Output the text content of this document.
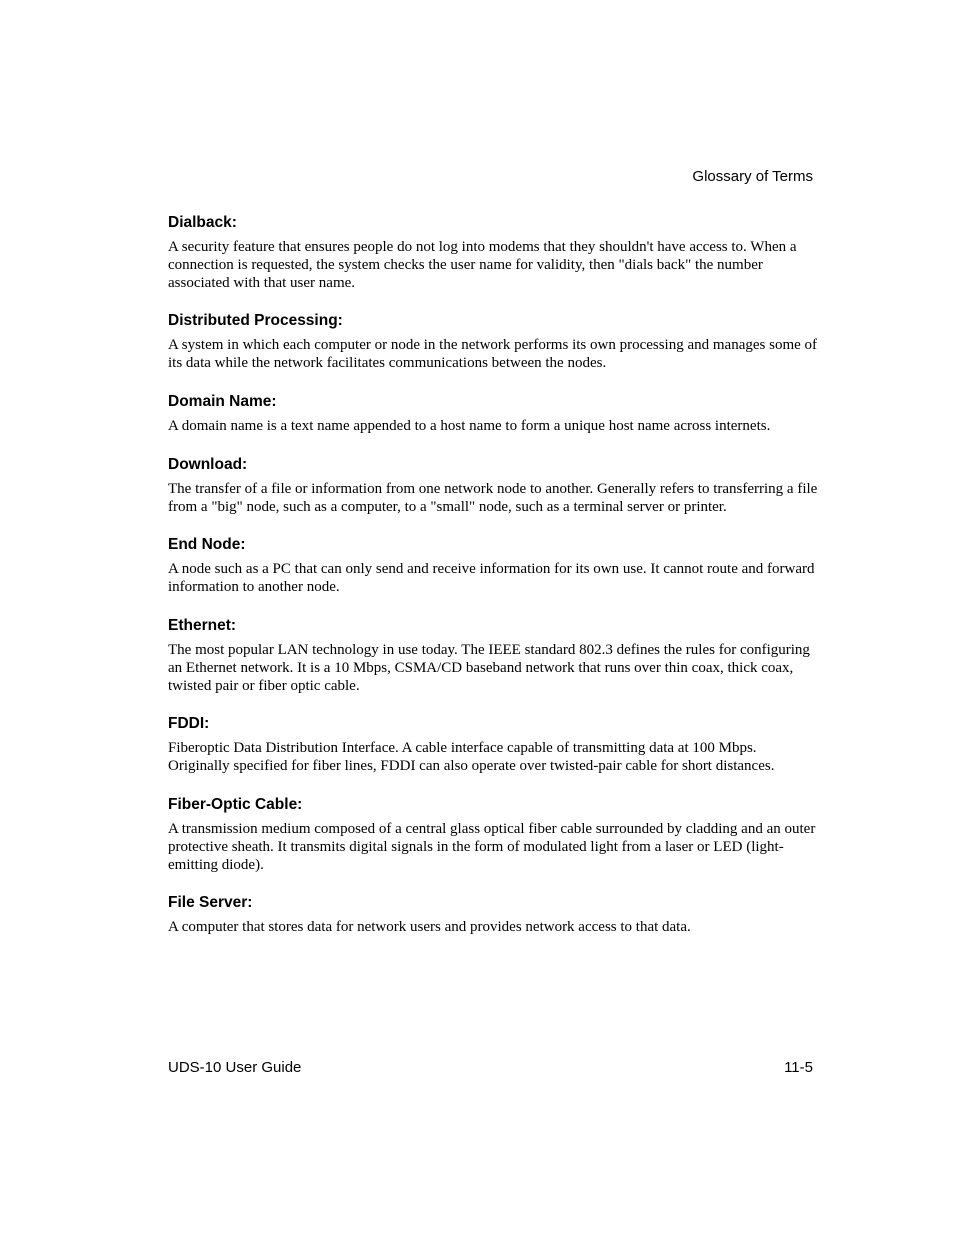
Glossary of Terms
Dialback:
A security feature that ensures people do not log into modems that they shouldn't have access to. When a connection is requested, the system checks the user name for validity, then "dials back" the number associated with that user name.
Distributed Processing:
A system in which each computer or node in the network performs its own processing and manages some of its data while the network facilitates communications between the nodes.
Domain Name:
A domain name is a text name appended to a host name to form a unique host name across internets.
Download:
The transfer of a file or information from one network node to another. Generally refers to transferring a file from a "big" node, such as a computer, to a "small" node, such as a terminal server or printer.
End Node:
A node such as a PC that can only send and receive information for its own use. It cannot route and forward information to another node.
Ethernet:
The most popular LAN technology in use today. The IEEE standard 802.3 defines the rules for configuring an Ethernet network. It is a 10 Mbps, CSMA/CD baseband network that runs over thin coax, thick coax, twisted pair or fiber optic cable.
FDDI:
Fiberoptic Data Distribution Interface. A cable interface capable of transmitting data at 100 Mbps. Originally specified for fiber lines, FDDI can also operate over twisted-pair cable for short distances.
Fiber-Optic Cable:
A transmission medium composed of a central glass optical fiber cable surrounded by cladding and an outer protective sheath. It transmits digital signals in the form of modulated light from a laser or LED (light-emitting diode).
File Server:
A computer that stores data for network users and provides network access to that data.
UDS-10 User Guide	11-5
